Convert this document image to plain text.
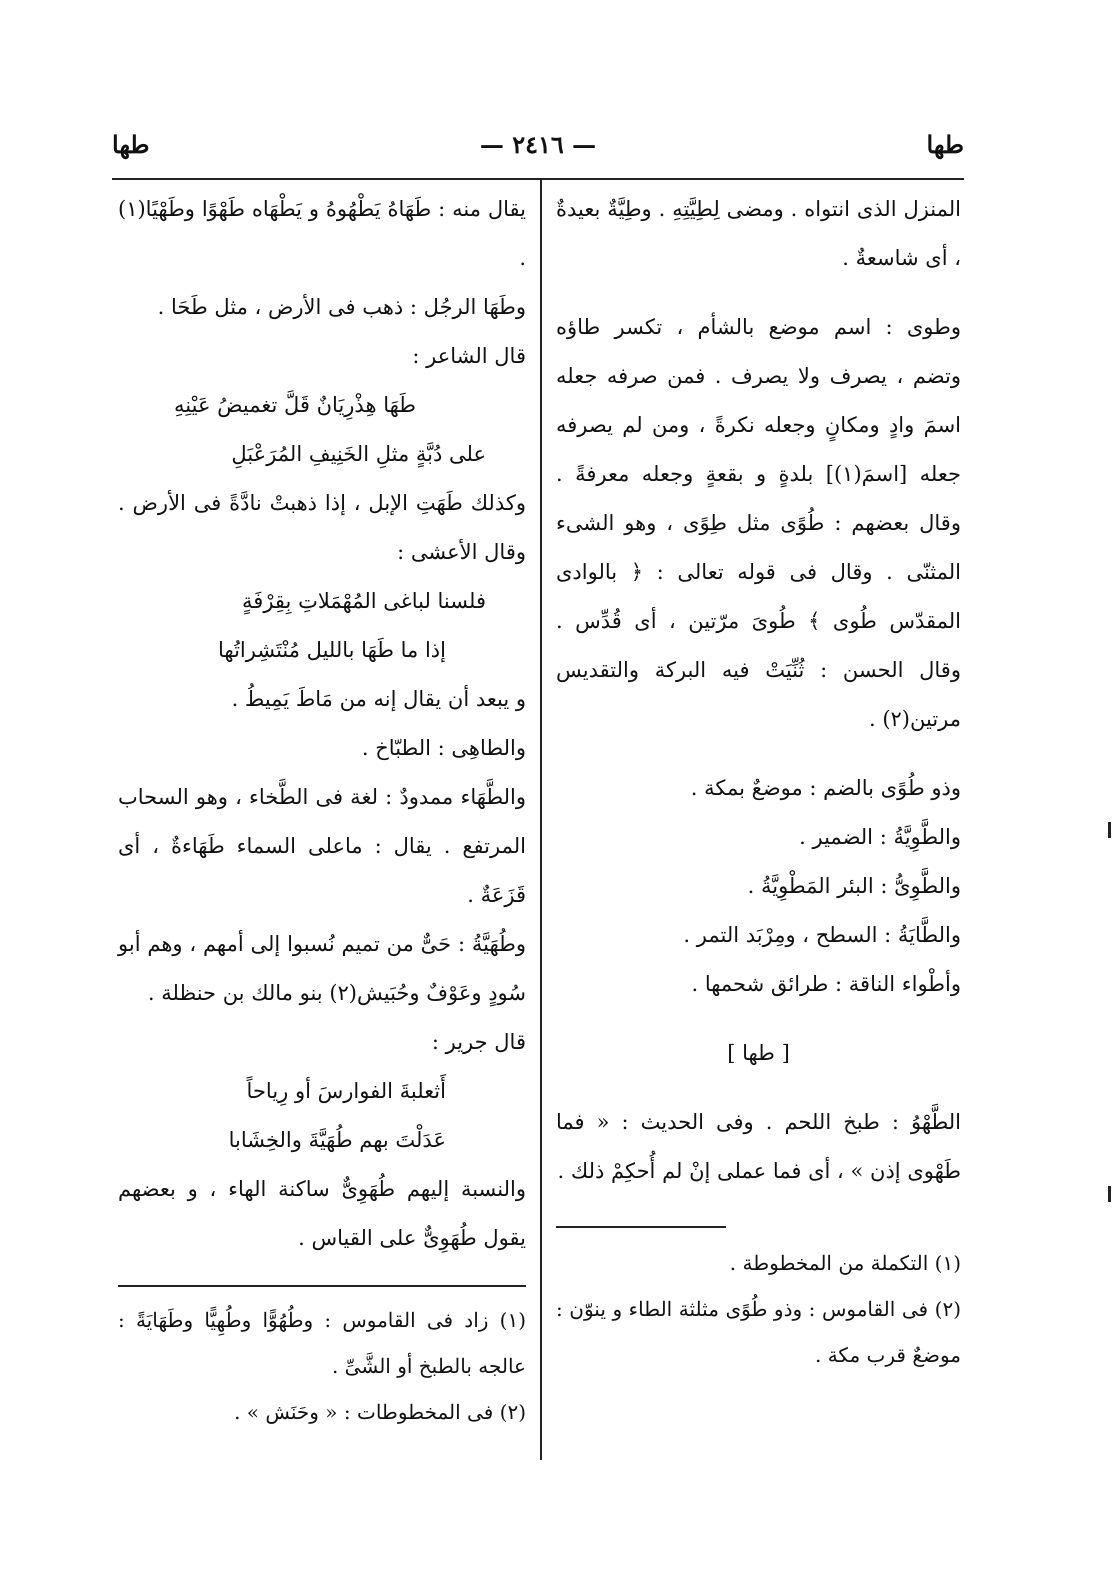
طها
— ٢٤١٦ —
طها

المنزل الذى انتواه . ومضى لِطِيَّتِهِ . وطِيَّةٌ بعيدةٌ ، أى شاسعةٌ .

وطوى : اسم موضع بالشأم ، تكسر طاؤه وتضم ، يصرف ولا يصرف . فمن صرفه جعله اسمَ وادٍ ومكانٍ وجعله نكرةً ، ومن لم يصرفه جعله [اسمَ(١)] بلدةٍ و بقعةٍ وجعله معرفةً . وقال بعضهم : طُوًى مثل طِوًى ، وهو الشىء المثنّى . وقال فى قوله تعالى : ﴿ بالوادى المقدّس طُوى ﴾ طُوىَ مرّتين ، أى قُدِّس . وقال الحسن : ثُنِّيَتْ فيه البركة والتقديس مرتين(٢) .

وذو طُوًى بالضم : موضعٌ بمكة .

والطَّوِيَّةُ : الضمير .

والطَّوِىُّ : البئر المَطْوِيَّةُ .

والطَّايَةُ : السطح ، ومِرْبَد التمر .

وأطْواء الناقة : طرائق شحمها .

[ طها ]

الطَّهْوُ : طبخ اللحم . وفى الحديث : « فما طَهْوى إذن » ، أى فما عملى إنْ لم أُحكِمْ ذلك .

(١) التكملة من المخطوطة .

(٢) فى القاموس : وذو طُوًى مثلثة الطاء و ينوّن : موضعٌ قرب مكة .

يقال منه : طَهَاهُ يَطْهُوهُ و يَطْهَاه طَهْوًا وطَهْيًا(١) .

وطَهَا الرجُل : ذهب فى الأرض ، مثل طَحَا .

قال الشاعر :

طَهَا هِذْرِيَانٌ قَلَّ تغميضُ عَيْنِهِ

على دُبَّةٍ مثلِ الخَنِيفِ المُرَعْبَلِ

وكذلك طَهَتِ الإبل ، إذا ذهبتْ نادَّةً فى الأرض . وقال الأعشى :

فلسنا لباغى المُهْمَلاتِ بِقِرْفَةٍ

إذا ما طَهَا بالليل مُنْتَشِراتُها

و يبعد أن يقال إنه من مَاطَ يَمِيطُ .

والطاهِى : الطبّاخ .

والطَّهَاء ممدودٌ : لغة فى الطَّخاء ، وهو السحاب المرتفع . يقال : ماعلى السماء طَهَاءةٌ ، أى قَزَعَةٌ .

وطُهَيَّةُ : حَىٌّ من تميم نُسبوا إلى أمهم ، وهم أبو سُودٍ وعَوْفٌ وحُبَيش(٢) بنو مالك بن حنظلة .

قال جرير :

أَثعلبةَ الفوارسَ أو رِياحاً

عَدَلْتَ بهم طُهَيَّةَ والخِشَابا

والنسبة إليهم طُهَوِىٌّ ساكنة الهاء ، و بعضهم يقول طُهَوِىٌّ على القياس .

(١) زاد فى القاموس : وطُهُوًّا وطُهِيًّا وطَهَايَةً : عالجه بالطبخ أو الشَّىِّ .

(٢) فى المخطوطات : « وحَنَش » .
